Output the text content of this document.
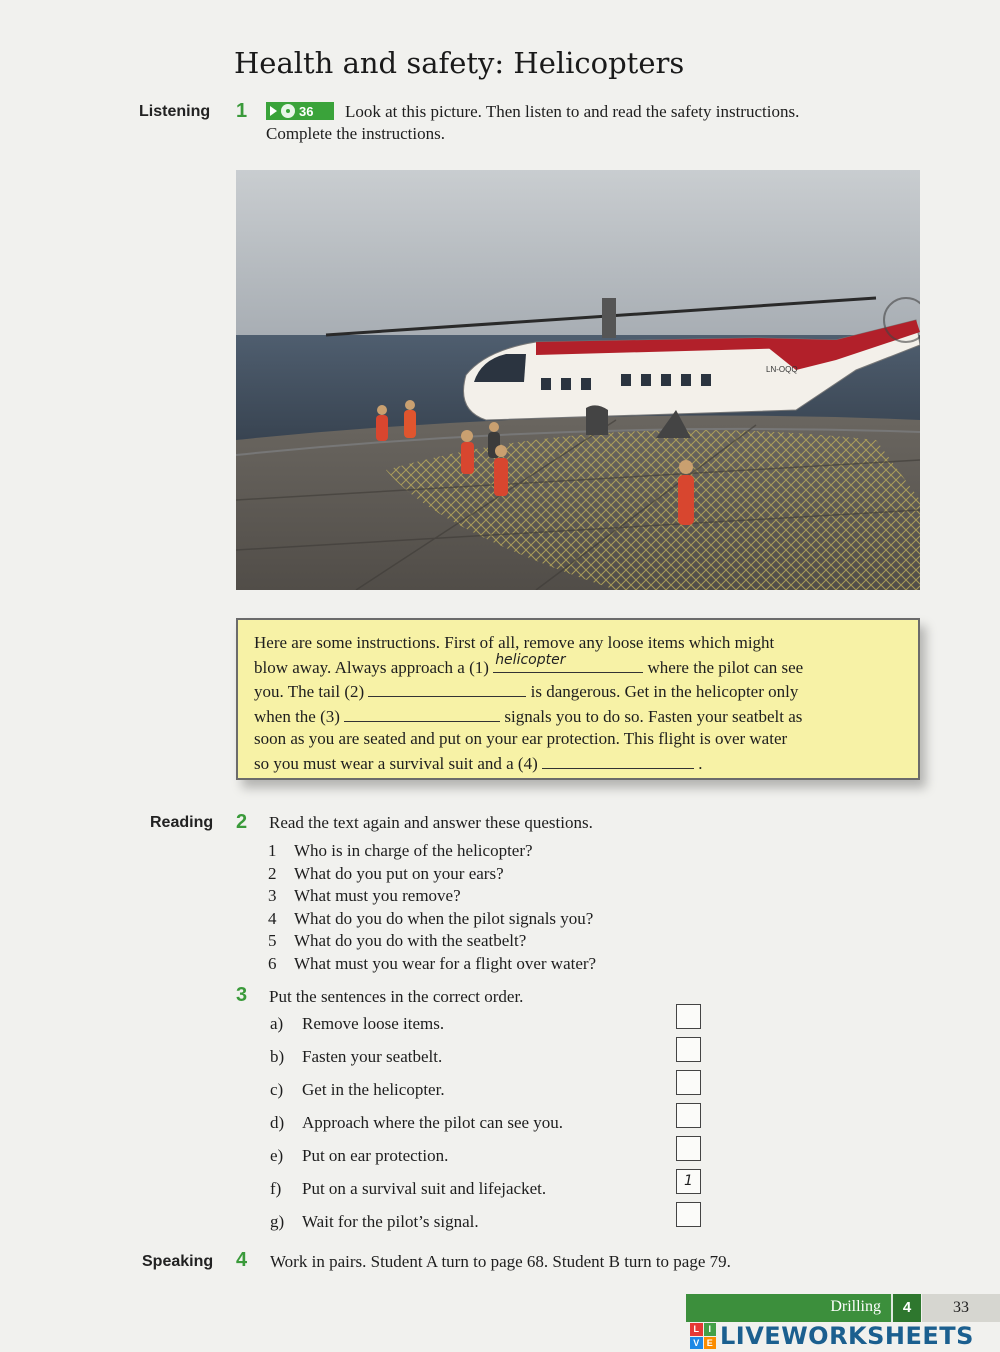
Health and safety: Helicopters
Listening 1	36 Look at this picture. Then listen to and read the safety instructions.
Complete the instructions.
LN-OQQ
Here are some instructions. First of all, remove any loose items which might
blow away. Always approach a (1) helicopter	where the pilot can see
you. The tail (2)	is dangerous. Get in the helicopter only
when the (3)	signals you to do so. Fasten your seatbelt as
soon as you are seated and put on your ear protection. This flight is over water
so you must wear a survival suit and a (4)	.
Reading 2 Read the text again and answer these questions.
1	Who is in charge of the helicopter?
2	What do you put on your ears?
3	What must you remove?
4	What do you do when the pilot signals you?
5	What do you do with the seatbelt?
6	What must you wear for a flight over water?
3 Put the sentences in the correct order.
a)	Remove loose items.
b)	Fasten your seatbelt.
c)	Get in the helicopter.
d)	Approach where the pilot can see you.
e)	Put on ear protection.
f)	Put on a survival suit and lifejacket.	1
g)	Wait for the pilot’s signal.
Speaking 4 Work in pairs. Student A turn to page 68. Student B turn to page 79.
Drilling	4	33
L	I
V E LIVEWORKSHEETS
